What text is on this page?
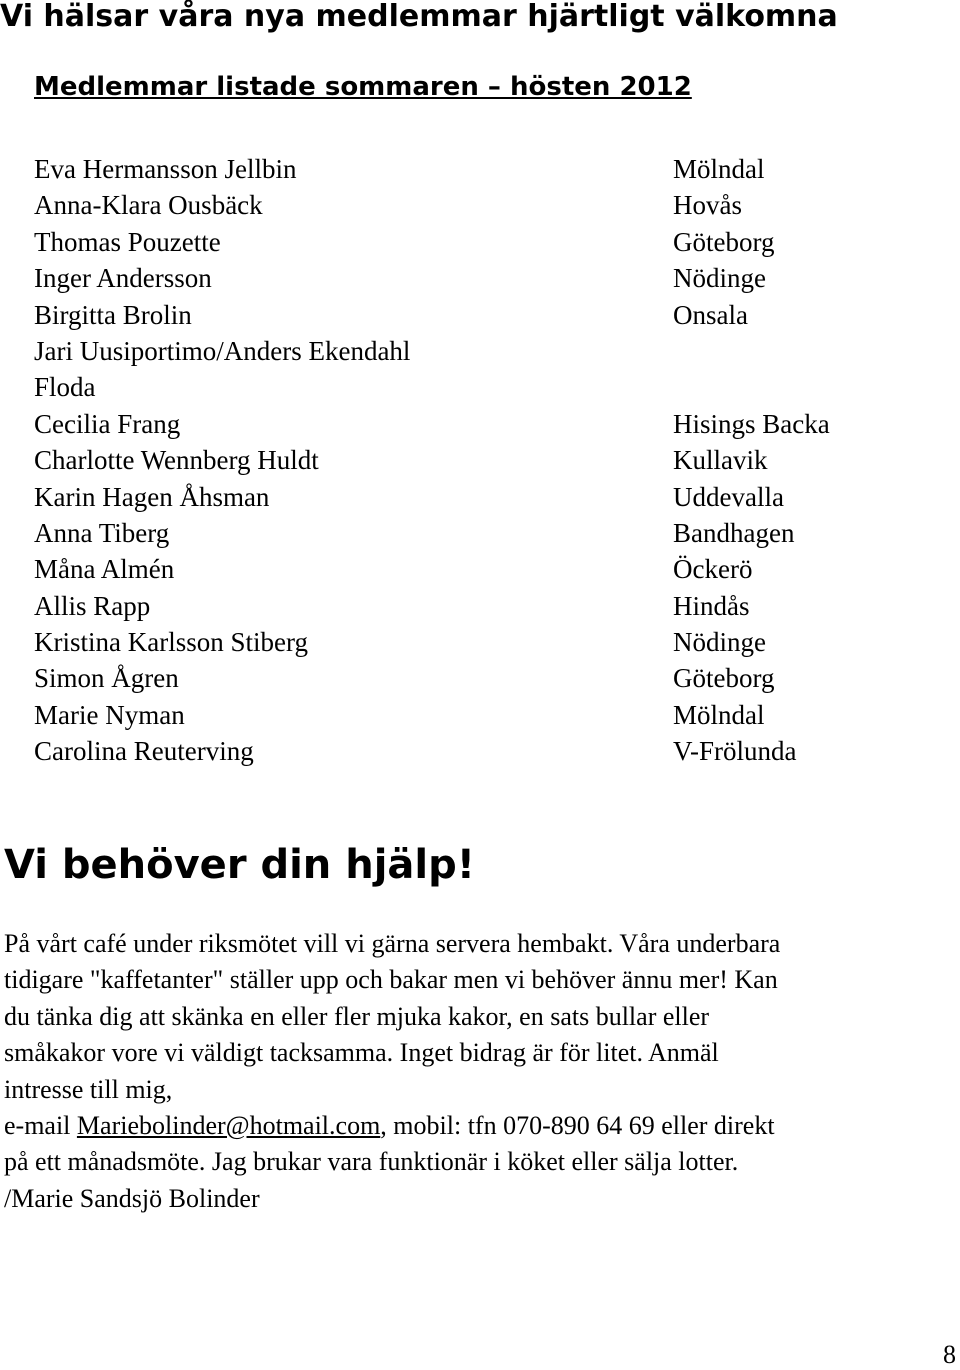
Vi hälsar våra nya medlemmar hjärtligt välkomna
Medlemmar listade sommaren – hösten 2012
Eva Hermansson Jellbin	Mölndal
Anna-Klara Ousbäck	Hovås
Thomas Pouzette	Göteborg
Inger Andersson	Nödinge
Birgitta Brolin	Onsala
Jari Uusiportimo/Anders Ekendahl
Floda
Cecilia Frang	Hisings Backa
Charlotte Wennberg Huldt	Kullavik
Karin Hagen Åhsman	Uddevalla
Anna Tiberg	Bandhagen
Måna Almén	Öckerö
Allis Rapp	Hindås
Kristina Karlsson Stiberg	Nödinge
Simon Ågren	Göteborg
Marie Nyman	Mölndal
Carolina Reuterving	V-Frölunda
Vi behöver din hjälp!
På vårt café under riksmötet vill vi gärna servera hembakt. Våra underbara
tidigare "kaffetanter" ställer upp och bakar men vi behöver ännu mer! Kan
du tänka dig att skänka en eller fler mjuka kakor, en sats bullar eller
småkakor vore vi väldigt tacksamma. Inget bidrag är för litet. Anmäl
intresse till mig,
e-mail Mariebolinder@hotmail.com, mobil: tfn 070-890 64 69 eller direkt
på ett månadsmöte. Jag brukar vara funktionär i köket eller sälja lotter.
/Marie Sandsjö Bolinder
8
